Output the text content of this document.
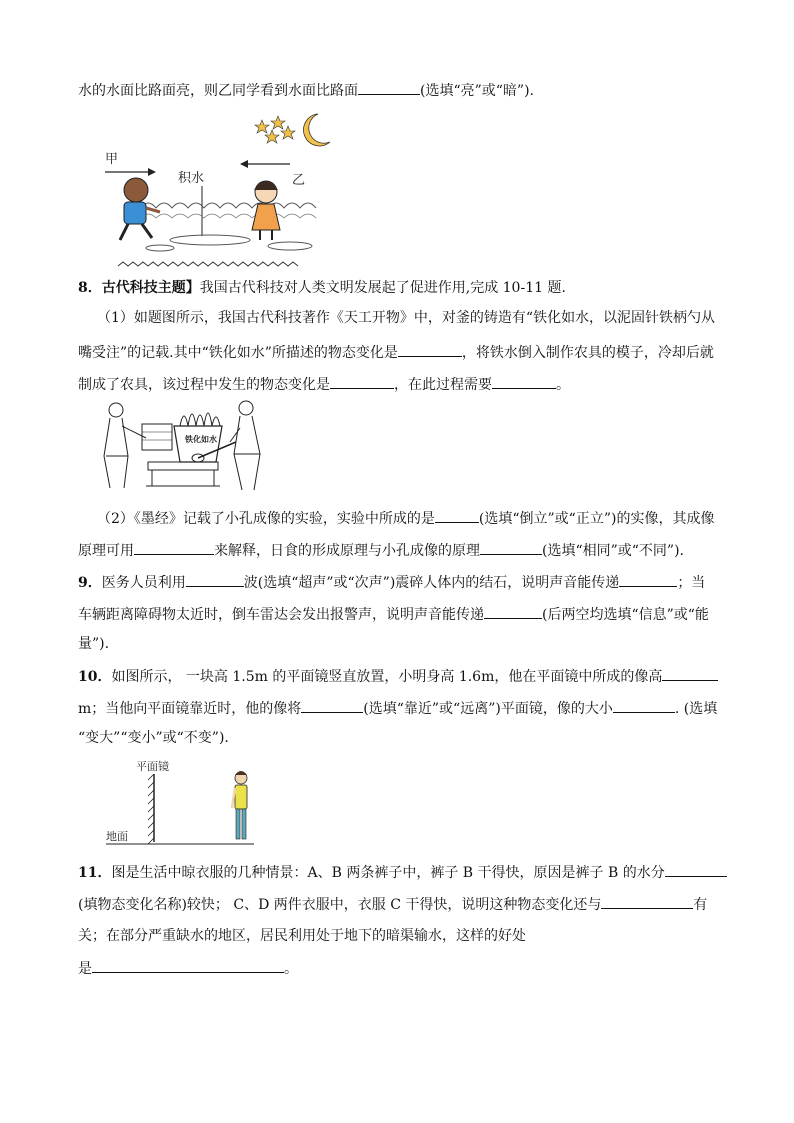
水的水面比路面亮，则乙同学看到水面比路面	(选填“亮”或“暗”).
甲
积水	乙
8．古代科技主题】我国古代科技对人类文明发展起了促进作用,完成 10-11 题.
（1）如题图所示，我国古代科技著作《天工开物》中，对釜的铸造有“铁化如水，以泥固针铁柄勺从
嘴受注”的记载.其中“铁化如水”所描述的物态变化是	，将铁水倒入制作农具的模子，冷却后就
制成了农具，该过程中发生的物态变化是	，在此过程需要	。
铁化如水
（2）《墨经》记载了小孔成像的实验，实验中所成的是	(选填“倒立”或“正立”)的实像，其成像
原理可用	来解释，日食的形成原理与小孔成像的原理	(选填“相同”或“不同”).
9．医务人员利用	波(选填“超声”或“次声”)震碎人体内的结石，说明声音能传递	；当
车辆距离障碍物太近时，倒车雷达会发出报警声，说明声音能传递	(后两空均选填“信息”或“能
量”).
10．如图所示， 一块高 1.5m 的平面镜竖直放置，小明身高 1.6m，他在平面镜中所成的像高
m；当他向平面镜靠近时，他的像将	(选填“靠近”或“远离”)平面镜，像的大小	. (选填
“变大”“变小”或“不变”).
平面镜
地面
11．图是生活中晾衣服的几种情景：A、B 两条裤子中，裤子 B 干得快，原因是裤子 B 的水分
(填物态变化名称)较快； C、D 两件衣服中，衣服 C 干得快，说明这种物态变化还与	有
关；在部分严重缺水的地区，居民利用处于地下的暗渠输水，这样的好处
是	。
